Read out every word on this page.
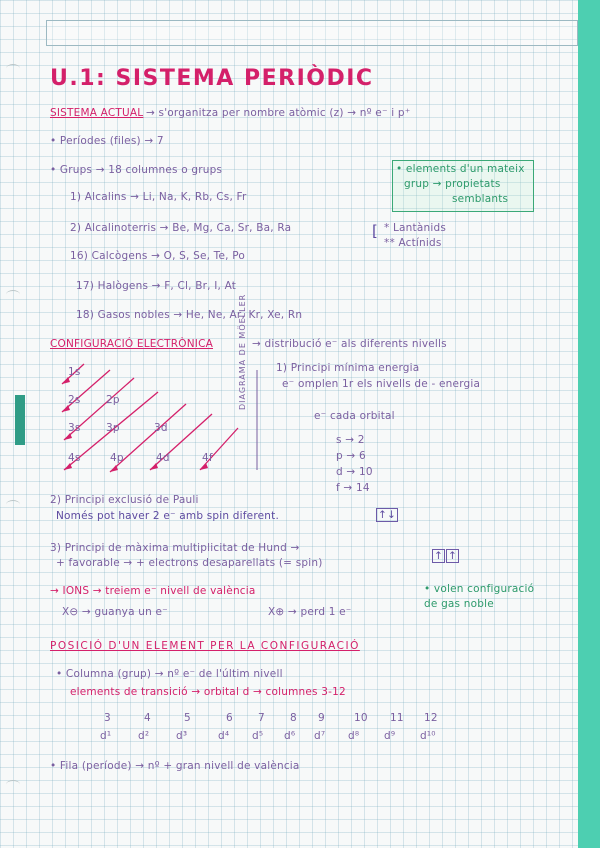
U.1: SISTEMA PERIÒDIC
SISTEMA ACTUAL → s'organitza per nombre atòmic (z) → nº e⁻ i p⁺
• Períodes (files) → 7
• Grups → 18 columnes o grups	• elements d'un mateix
grup → propietats
semblants
1) Alcalins → Li, Na, K, Rb, Cs, Fr
2) Alcalinoterris → Be, Mg, Ca, Sr, Ba, Ra
16) Calcògens → O, S, Se, Te, Po
17) Halògens → F, Cl, Br, I, At
18) Gasos nobles → He, Ne, Ar, Kr, Xe, Rn
[ * Lantànids
** Actínids
CONFIGURACIÓ ELECTRÒNICA	→ distribució e⁻ als diferents nivells
1s
2s 2p
3s 3p	3d
4s	4p	4d	4f
DIAGRAMA DE MÖELLER	1) Principi mínima energia
e⁻ omplen 1r els nivells de - energia
e⁻ cada orbital
s → 2
p → 6
d → 10
f → 14
2) Principi exclusió de Pauli
Només pot haver 2 e⁻ amb spin diferent.	↑↓
3) Principi de màxima multiplicitat de Hund →
+ favorable → + electrons desaparellats (= spin)
↑ ↑
→ IONS → treiem e⁻ nivell de valència	• volen configuració
de gas noble
X⊖ → guanya un e⁻	X⊕ → perd 1 e⁻
POSICIÓ D'UN ELEMENT PER LA CONFIGURACIÓ
• Columna (grup) → nº e⁻ de l'últim nivell
elements de transició → orbital d → columnes 3-12
3	4	5	6 7 8 9	10 11 12
d¹	d²	d³	d⁴ d⁵ d⁶ d⁷ d⁸ d⁹ d¹⁰
• Fila (període) → nº + gran nivell de valència
